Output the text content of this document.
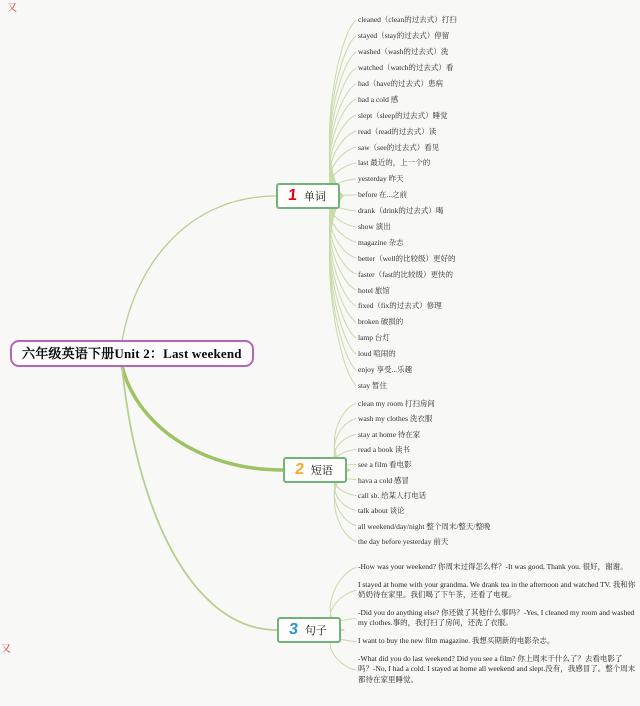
又
又
六年级英语下册Unit 2：Last weekend
1 单词
cleaned（clean的过去式）打扫
stayed（stay的过去式）停留
washed（wash的过去式）洗
watched（watch的过去式）看
had（have的过去式）患病
had a cold 感
slept（sleep的过去式）睡觉
read（read的过去式）读
saw（see的过去式）看见
last 最近的，上一个的
yesterday 昨天
before 在...之前
drank（drink的过去式）喝
show 演出
magazine 杂志
better（well的比较级）更好的
faster（fast的比较级）更快的
hotel 旅馆
fixed（fix的过去式）修理
broken 破损的
lamp 台灯
loud 喧闹的
enjoy 享受...乐趣
stay 暂住
2 短语
clean my room 打扫房间
wash my clothes 洗衣服
stay at home 待在家
read a book 读书
see a film 看电影
hava a cold 感冒
call sb. 给某人打电话
talk about 谈论
all weekend/day/night 整个周末/整天/整晚
the day before yesterday 前天
3 句子
-How was your weekend? 你周末过得怎么样？-It was good, Thank you. 很好，谢谢。
I stayed at home with your grandma. We drank tea in the afternoon and watched TV. 我和你奶奶待在家里。我们喝了下午茶，还看了电视。
-Did you do anything else? 你还做了其他什么事吗？-Yes, I cleaned my room and washed my clothes.事的，我打扫了房间，还洗了衣服。
I want to buy the new film magazine. 我想买期新的电影杂志。
-What did you do last weekend? Did you see a film? 你上周末干什么了？去看电影了吗？-No, I had a cold. I stayed at home all weekend and slept.没有，我感冒了。整个周末都待在家里睡觉。
